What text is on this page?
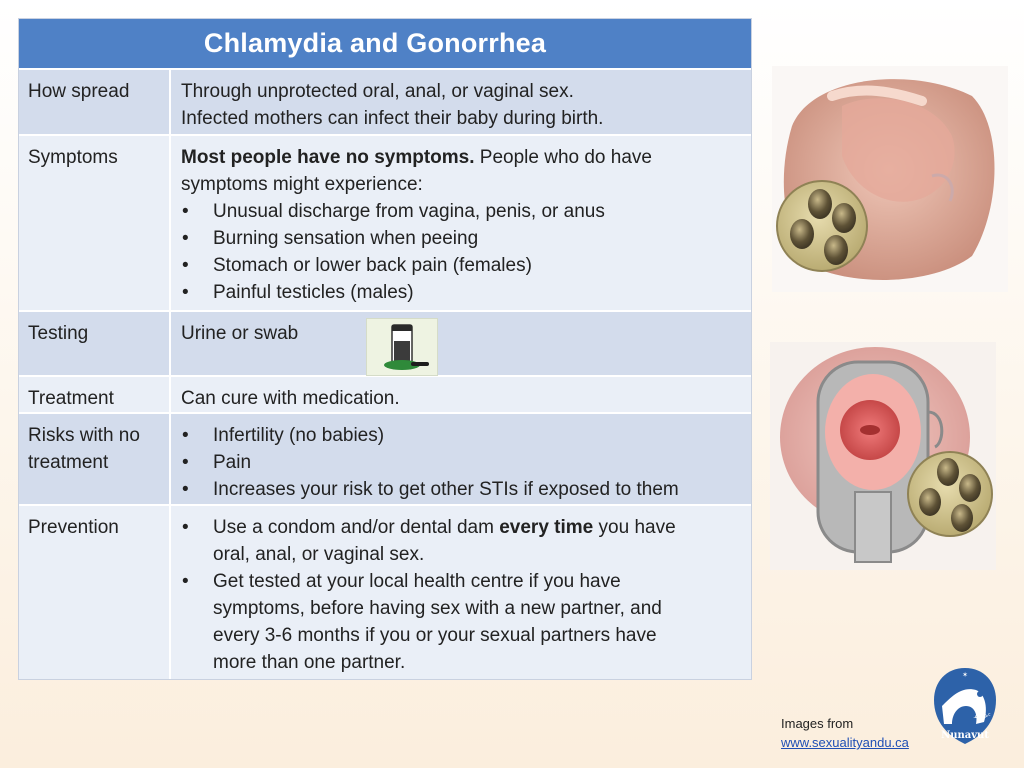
Chlamydia and Gonorrhea
How spread	Through unprotected oral, anal, or vaginal sex.
Infected mothers can infect their baby during birth.
Symptoms	Most people have no symptoms. People who do have
symptoms might experience:
• Unusual discharge from vagina, penis, or anus
• Burning sensation when peeing
• Stomach or lower back pain (females)
• Painful testicles (males)
Testing	Urine or swab
Treatment	Can cure with medication.
Risks with no
treatment
• Infertility (no babies)
• Pain
• Increases your risk to get other STIs if exposed to them
Prevention
•	Use a condom and/or dental dam every time you have
oral, anal, or vaginal sex.
• Get tested at your local health centre if you have
symptoms, before having sex with a new partner, and
every 3-6 months if you or your sexual partners have
more than one partner.
Images from
www.sexualityandu.ca
✶
Nunavut
ᓄᓇᕗᑦ
